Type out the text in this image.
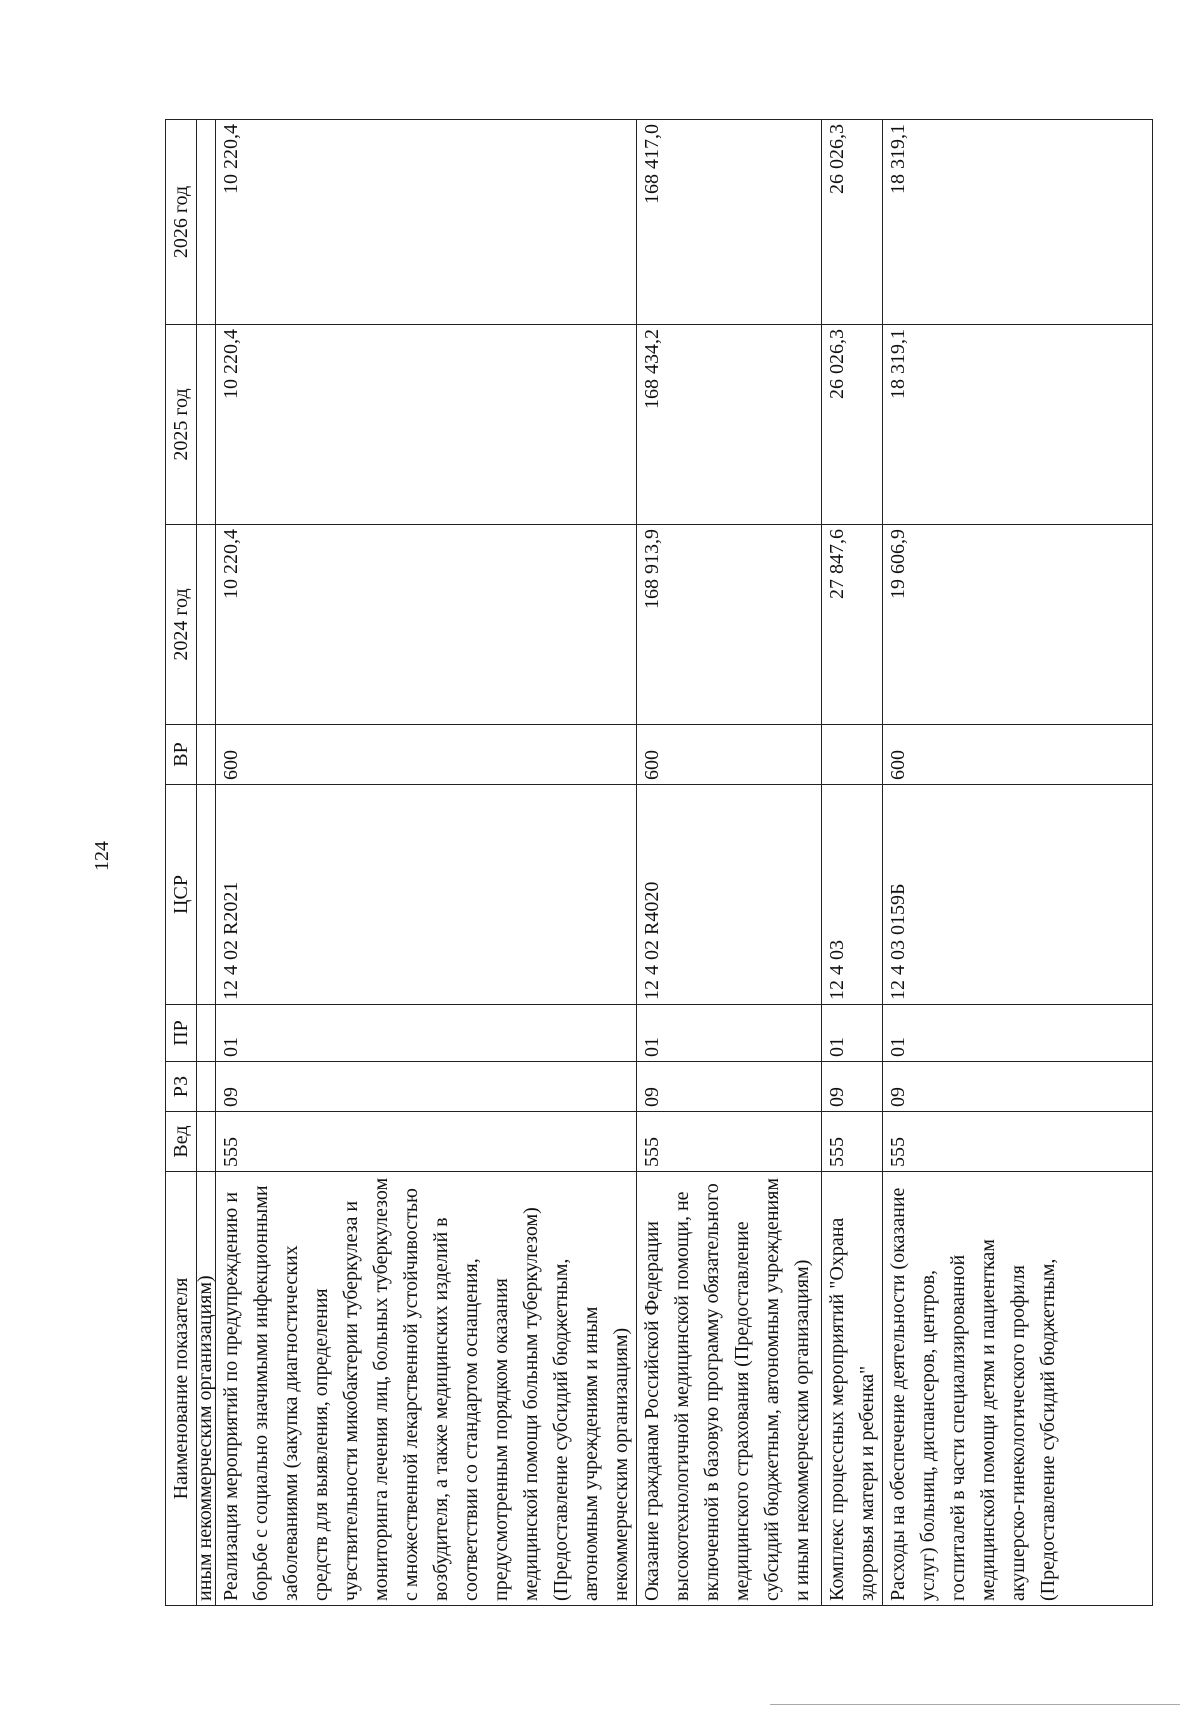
124
Наименование показателя	Вед	РЗ	ПР	ЦСР	ВР	2024 год	2025 год	2026 год
иным некоммерческим организациям)								
Реализация мероприятий по предупреждению и борьбе с социально значимыми инфекционными заболеваниями (закупка диагностических средств для выявления, определения чувствительности микобактерии туберкулеза и мониторинга лечения лиц, больных туберкулезом с множественной лекарственной устойчивостью возбудителя, а также медицинских изделий в соответствии со стандартом оснащения, предусмотренным порядком оказания медицинской помощи больным туберкулезом) (Предоставление субсидий бюджетным, автономным учреждениям и иным некоммерческим организациям)	555	09	01	12 4 02 R2021	600	10 220,4	10 220,4	10 220,4
Оказание гражданам Российской Федерации высокотехнологичной медицинской помощи, не включенной в базовую программу обязательного медицинского страхования (Предоставление субсидий бюджетным, автономным учреждениям и иным некоммерческим организациям)	555	09	01	12 4 02 R4020	600	168 913,9	168 434,2	168 417,0
Комплекс процессных мероприятий "Охрана здоровья матери и ребенка"	555	09	01	12 4 03		27 847,6	26 026,3	26 026,3
Расходы на обеспечение деятельности (оказание услуг) больниц, диспансеров, центров, госпиталей в части специализированной медицинской помощи детям и пациенткам акушерско-гинекологического профиля (Предоставление субсидий бюджетным,	555	09	01	12 4 03 0159Б	600	19 606,9	18 319,1	18 319,1
